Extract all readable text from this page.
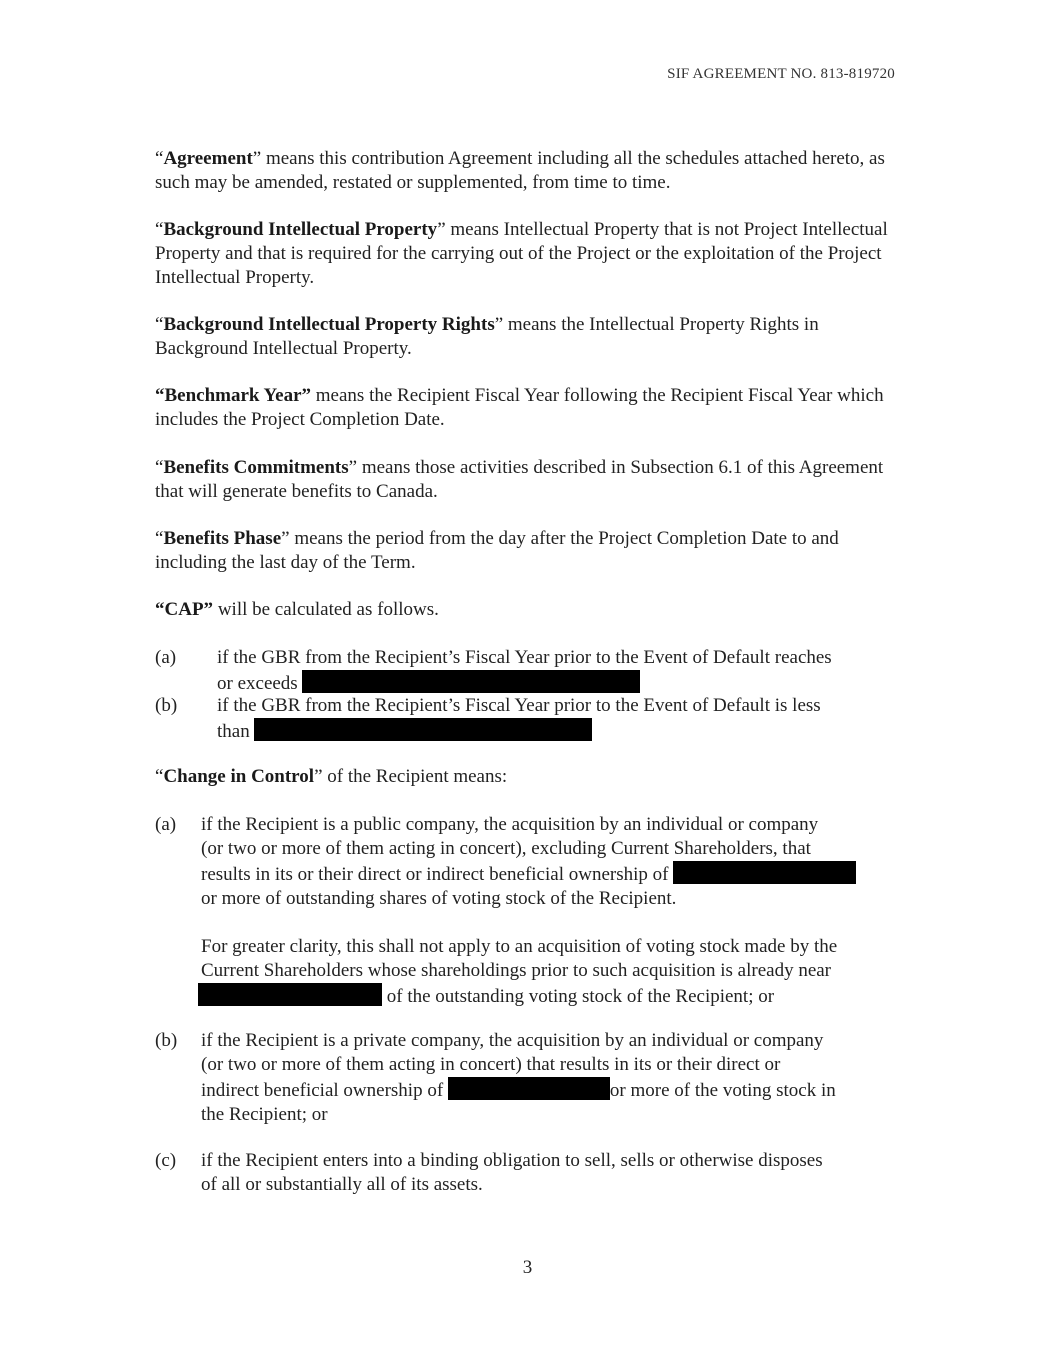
SIF AGREEMENT NO. 813-819720

“Agreement” means this contribution Agreement including all the schedules attached hereto, as such may be amended, restated or supplemented, from time to time.

“Background Intellectual Property” means Intellectual Property that is not Project Intellectual Property and that is required for the carrying out of the Project or the exploitation of the Project Intellectual Property.

“Background Intellectual Property Rights” means the Intellectual Property Rights in Background Intellectual Property.

“Benchmark Year” means the Recipient Fiscal Year following the Recipient Fiscal Year which includes the Project Completion Date.

“Benefits Commitments” means those activities described in Subsection 6.1 of this Agreement that will generate benefits to Canada.

“Benefits Phase” means the period from the day after the Project Completion Date to and including the last day of the Term.

“CAP” will be calculated as follows.

(a) if the GBR from the Recipient’s Fiscal Year prior to the Event of Default reaches
or exceeds
(b) if the GBR from the Recipient’s Fiscal Year prior to the Event of Default is less
than

“Change in Control” of the Recipient means:

(a) if the Recipient is a public company, the acquisition by an individual or company
(or two or more of them acting in concert), excluding Current Shareholders, that
results in its or their direct or indirect beneficial ownership of
or more of outstanding shares of voting stock of the Recipient.
For greater clarity, this shall not apply to an acquisition of voting stock made by the
Current Shareholders whose shareholdings prior to such acquisition is already near
of the outstanding voting stock of the Recipient; or
(b) if the Recipient is a private company, the acquisition by an individual or company
(or two or more of them acting in concert) that results in its or their direct or
indirect beneficial ownership of	or more of the voting stock in
the Recipient; or
(c) if the Recipient enters into a binding obligation to sell, sells or otherwise disposes
of all or substantially all of its assets.
3
